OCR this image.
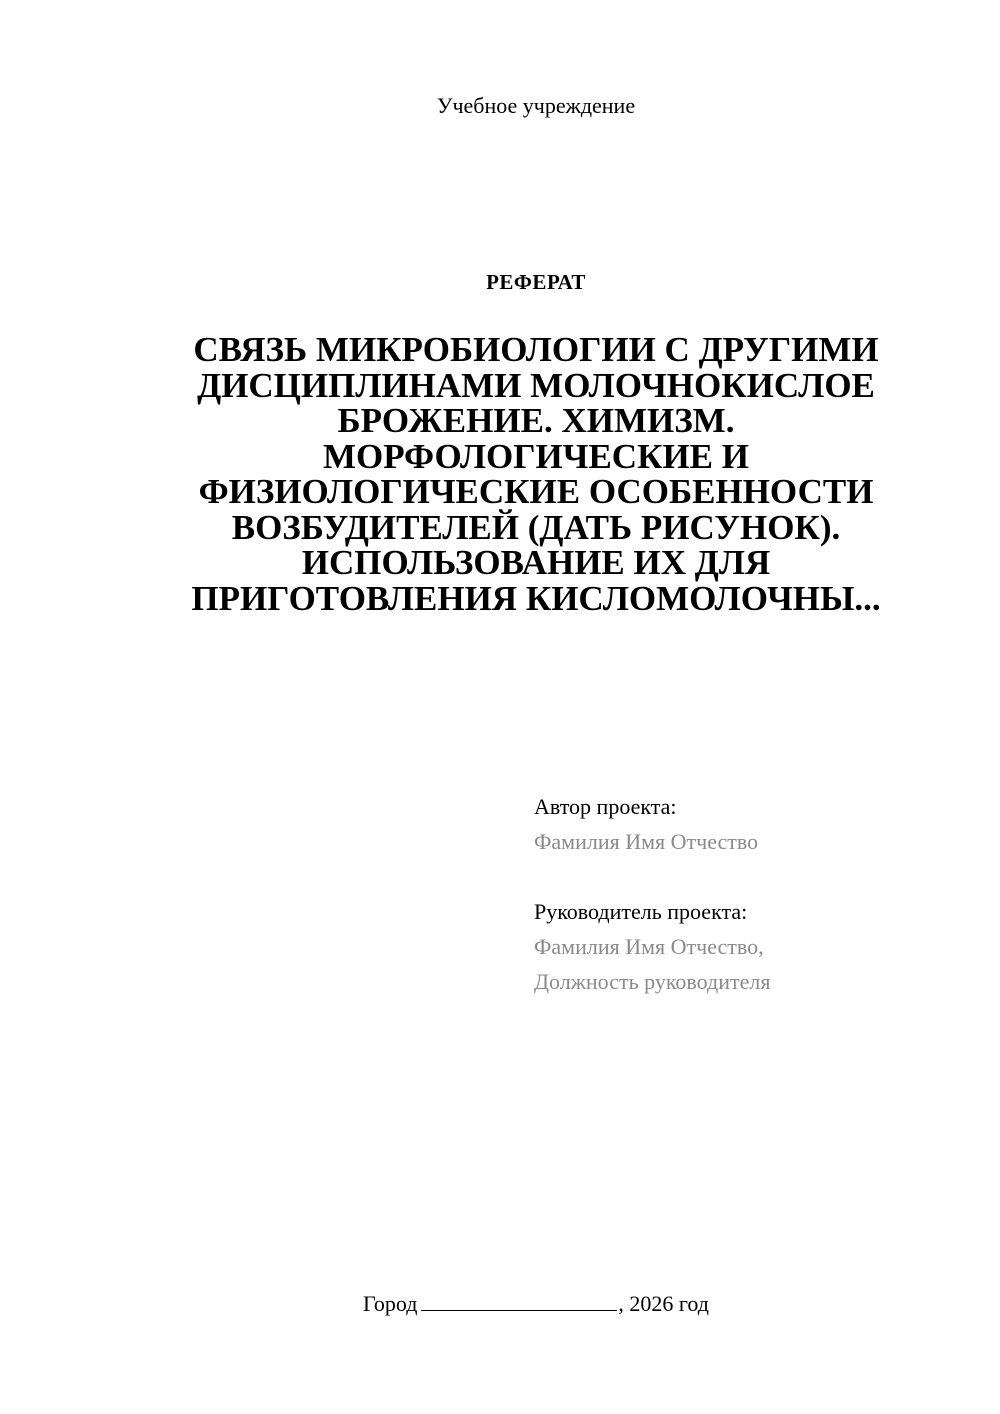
Учебное учреждение
РЕФЕРАТ
СВЯЗЬ МИКРОБИОЛОГИИ С ДРУГИМИ ДИСЦИПЛИНАМИ МОЛОЧНОКИСЛОЕ БРОЖЕНИЕ. ХИМИЗМ. МОРФОЛОГИЧЕСКИЕ И ФИЗИОЛОГИЧЕСКИЕ ОСОБЕННОСТИ ВОЗБУДИТЕЛЕЙ (ДАТЬ РИСУНОК). ИСПОЛЬЗОВАНИЕ ИХ ДЛЯ ПРИГОТОВЛЕНИЯ КИСЛОМОЛОЧНЫ...
Автор проекта:
Фамилия Имя Отчество
Руководитель проекта:
Фамилия Имя Отчество,
Должность руководителя
Город	, 2026 год
